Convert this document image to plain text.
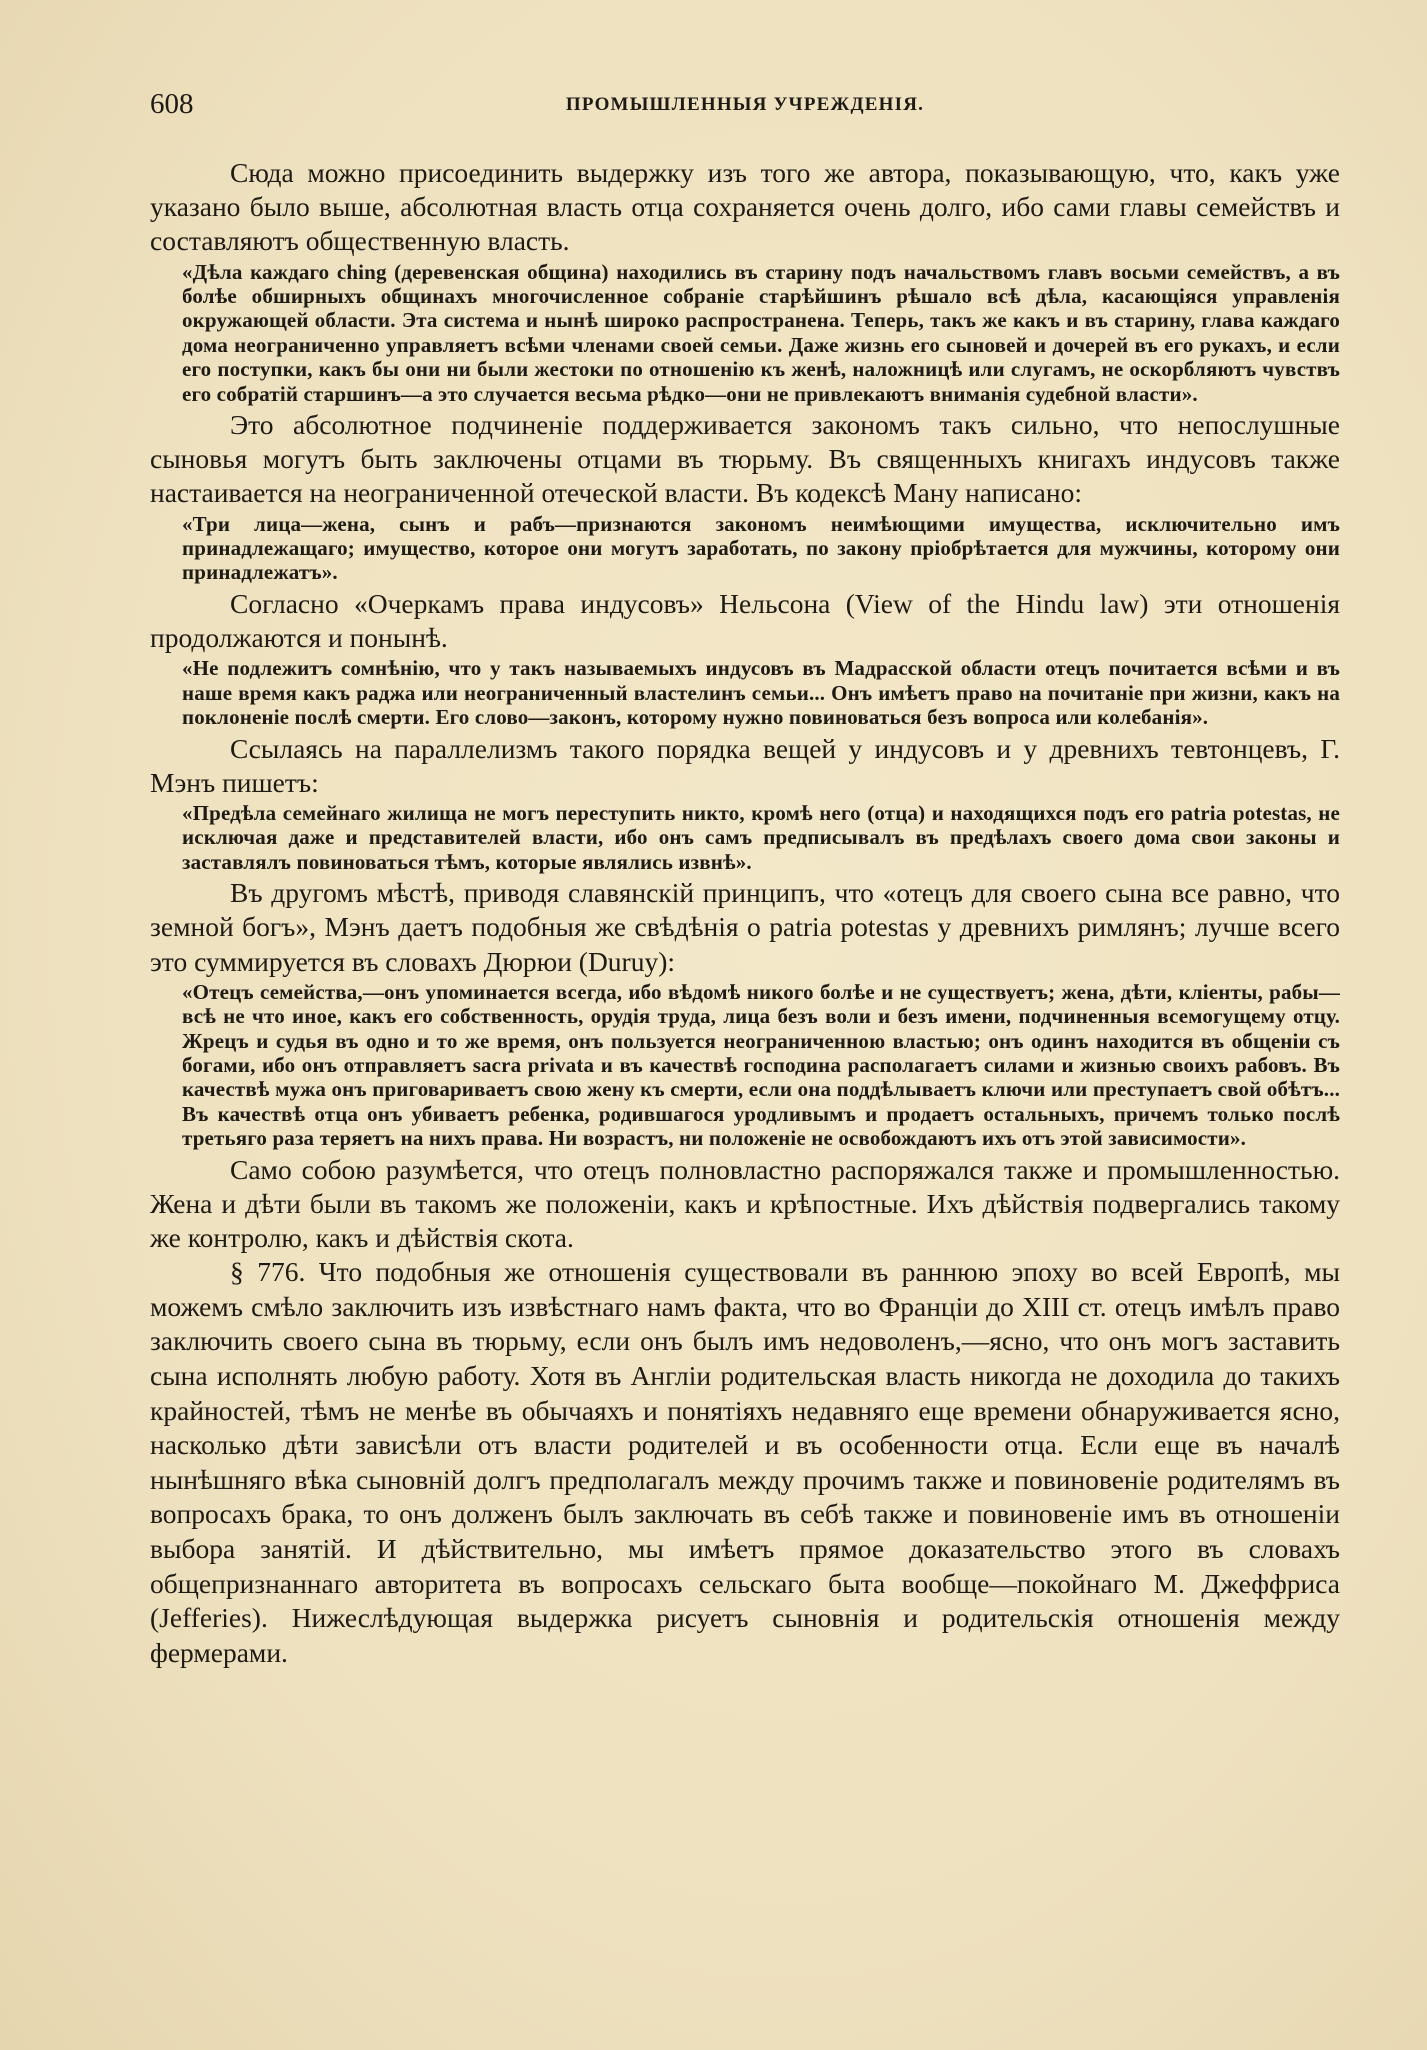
608	ПРОМЫШЛЕННЫЯ УЧРЕЖДЕНІЯ.

Сюда можно присоединить выдержку изъ того же автора, показывающую, что, какъ уже указано было выше, абсолютная власть отца сохраняется очень долго, ибо сами главы семействъ и составляютъ общественную власть.

«Дѣла каждаго ching (деревенская община) находились въ старину подъ начальствомъ главъ восьми семействъ, а въ болѣе обширныхъ общинахъ многочисленное собраніе старѣйшинъ рѣшало всѣ дѣла, касающіяся управленія окружающей области. Эта система и нынѣ широко распространена. Теперь, такъ же какъ и въ старину, глава каждаго дома неограниченно управляетъ всѣми членами своей семьи. Даже жизнь его сыновей и дочерей въ его рукахъ, и если его поступки, какъ бы они ни были жестоки по отношенію къ женѣ, наложницѣ или слугамъ, не оскорбляютъ чувствъ его собратій старшинъ—а это случается весьма рѣдко—они не привлекаютъ вниманія судебной власти».

Это абсолютное подчиненіе поддерживается закономъ такъ сильно, что непослушные сыновья могутъ быть заключены отцами въ тюрьму. Въ священныхъ книгахъ индусовъ также настаивается на неограниченной отеческой власти. Въ кодексѣ Ману написано:

«Три лица—жена, сынъ и рабъ—признаются закономъ неимѣющими имущества, исключительно имъ принадлежащаго; имущество, которое они могутъ заработать, по закону пріобрѣтается для мужчины, которому они принадлежатъ».

Согласно «Очеркамъ права индусовъ» Нельсона (View of the Hindu law) эти отношенія продолжаются и понынѣ.

«Не подлежитъ сомнѣнію, что у такъ называемыхъ индусовъ въ Мадрасской области отецъ почитается всѣми и въ наше время какъ раджа или неограниченный властелинъ семьи... Онъ имѣетъ право на почитаніе при жизни, какъ на поклоненіе послѣ смерти. Его слово—законъ, которому нужно повиноваться безъ вопроса или колебанія».

Ссылаясь на параллелизмъ такого порядка вещей у индусовъ и у древнихъ тевтонцевъ, Г. Мэнъ пишетъ:

«Предѣла семейнаго жилища не могъ переступить никто, кромѣ него (отца) и находящихся подъ его patria potestas, не исключая даже и представителей власти, ибо онъ самъ предписывалъ въ предѣлахъ своего дома свои законы и заставлялъ повиноваться тѣмъ, которые являлись извнѣ».

Въ другомъ мѣстѣ, приводя славянскій принципъ, что «отецъ для своего сына все равно, что земной богъ», Мэнъ даетъ подобныя же свѣдѣнія о patria potestas у древнихъ римлянъ; лучше всего это суммируется въ словахъ Дюрюи (Duruy):

«Отецъ семейства,—онъ упоминается всегда, ибо вѣдомѣ никого болѣе и не существуетъ; жена, дѣти, кліенты, рабы—всѣ не что иное, какъ его собственность, орудія труда, лица безъ воли и безъ имени, подчиненныя всемогущему отцу. Жрецъ и судья въ одно и то же время, онъ пользуется неограниченною властью; онъ одинъ находится въ общеніи съ богами, ибо онъ отправляетъ sacra privata и въ качествѣ господина располагаетъ силами и жизнью своихъ рабовъ. Въ качествѣ мужа онъ приговариваетъ свою жену къ смерти, если она поддѣлываетъ ключи или преступаетъ свой обѣтъ... Въ качествѣ отца онъ убиваетъ ребенка, родившагося уродливымъ и продаетъ остальныхъ, причемъ только послѣ третьяго раза теряетъ на нихъ права. Ни возрастъ, ни положеніе не освобождаютъ ихъ отъ этой зависимости».

Само собою разумѣется, что отецъ полновластно распоряжался также и промышленностью. Жена и дѣти были въ такомъ же положеніи, какъ и крѣпостные. Ихъ дѣйствія подвергались такому же контролю, какъ и дѣйствія скота.

§ 776. Что подобныя же отношенія существовали въ раннюю эпоху во всей Европѣ, мы можемъ смѣло заключить изъ извѣстнаго намъ факта, что во Франціи до XIII ст. отецъ имѣлъ право заключить своего сына въ тюрьму, если онъ былъ имъ недоволенъ,—ясно, что онъ могъ заставить сына исполнять любую работу. Хотя въ Англіи родительская власть никогда не доходила до такихъ крайностей, тѣмъ не менѣе въ обычаяхъ и понятіяхъ недавняго еще времени обнаруживается ясно, насколько дѣти зависѣли отъ власти родителей и въ особенности отца. Если еще въ началѣ нынѣшняго вѣка сыновній долгъ предполагалъ между прочимъ также и повиновеніе родителямъ въ вопросахъ брака, то онъ долженъ былъ заключать въ себѣ также и повиновеніе имъ въ отношеніи выбора занятій. И дѣйствительно, мы имѣетъ прямое доказательство этого въ словахъ общепризнаннаго авторитета въ вопросахъ сельскаго быта вообще—покойнаго М. Джеффриса (Jefferies). Нижеслѣдующая выдержка рисуетъ сыновнія и родительскія отношенія между фермерами.
